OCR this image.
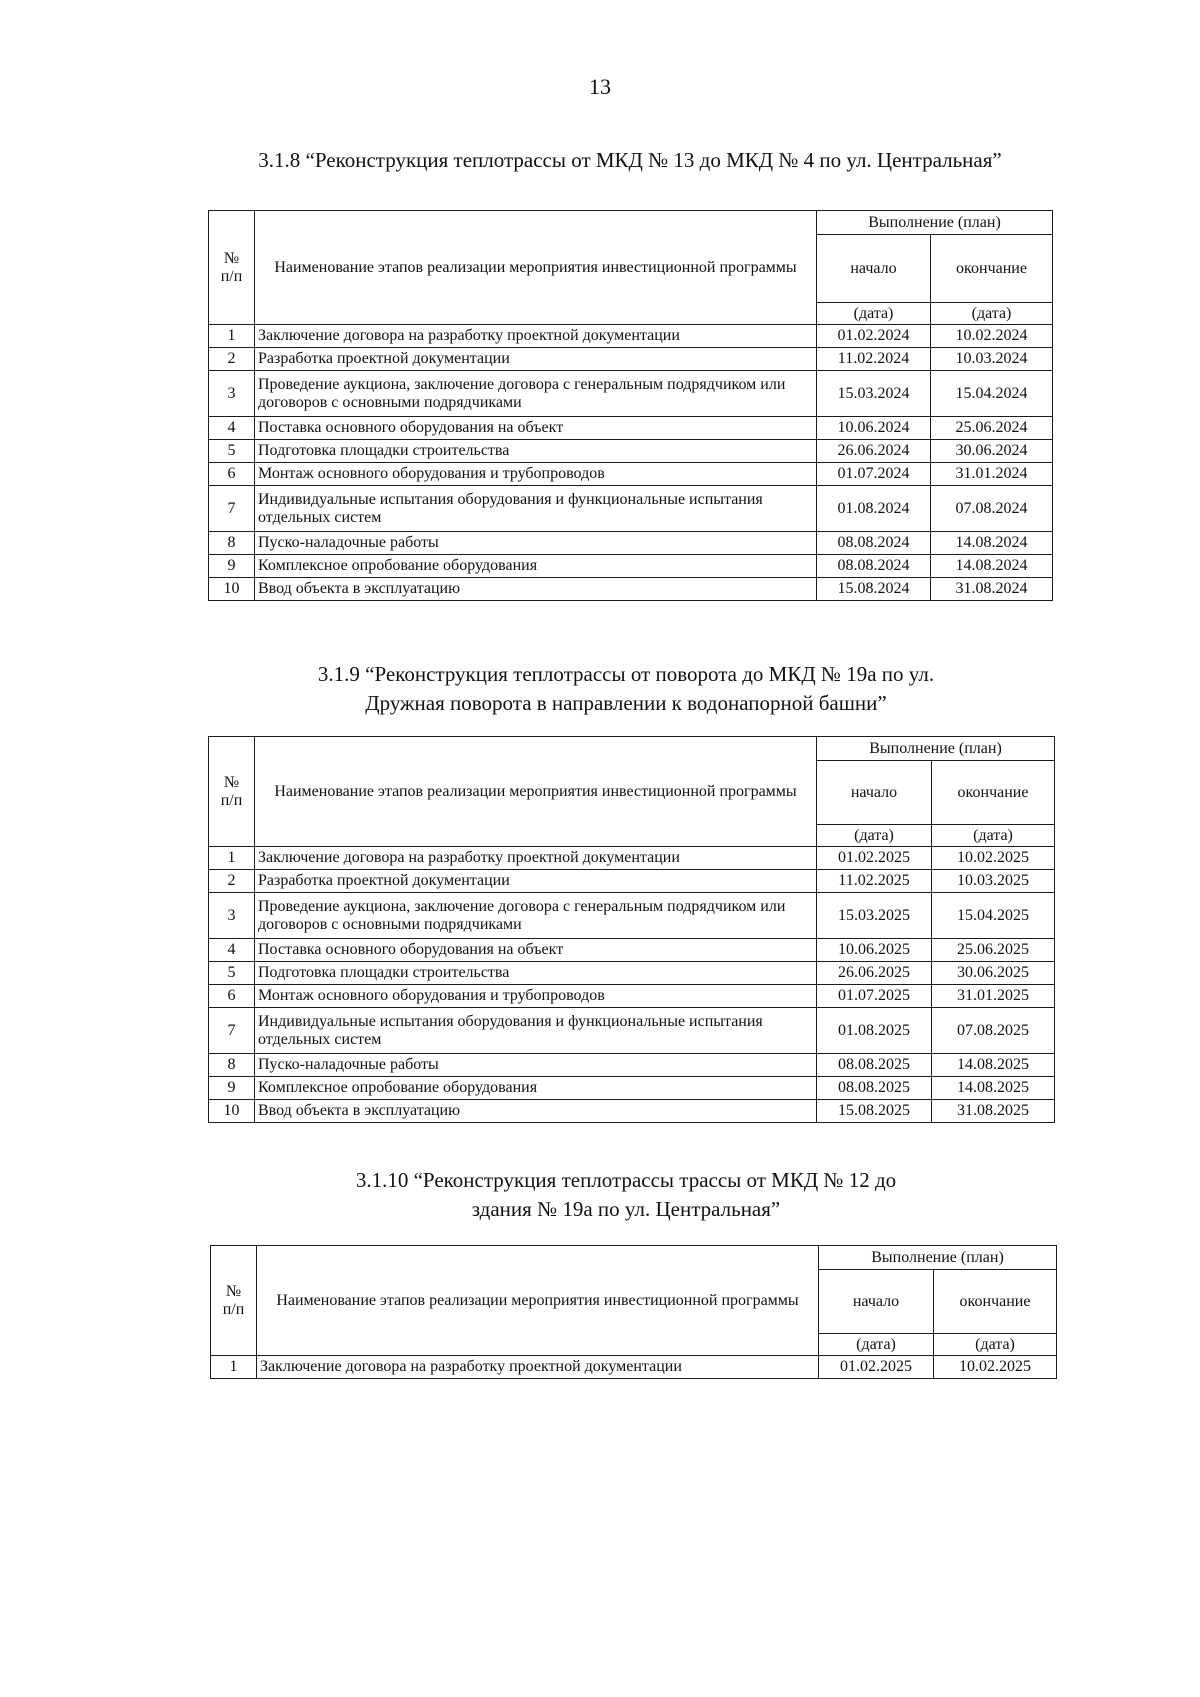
13
3.1.8 “Реконструкция теплотрассы от МКД № 13 до МКД № 4 по ул. Центральная”
№
п/п	Наименование этапов реализации мероприятия инвестиционной программы	Выполнение (план)	
		начало	окончание
		(дата)	(дата)
1	Заключение договора на разработку проектной документации	01.02.2024	10.02.2024
2	Разработка проектной документации	11.02.2024	10.03.2024
3	Проведение аукциона, заключение договора с генеральным подрядчиком или договоров с основными подрядчиками	15.03.2024	15.04.2024
4	Поставка основного оборудования на объект	10.06.2024	25.06.2024
5	Подготовка площадки строительства	26.06.2024	30.06.2024
6	Монтаж основного оборудования и трубопроводов	01.07.2024	31.01.2024
7	Индивидуальные испытания оборудования и функциональные испытания отдельных систем	01.08.2024	07.08.2024
8	Пуско-наладочные работы	08.08.2024	14.08.2024
9	Комплексное опробование оборудования	08.08.2024	14.08.2024
10	Ввод объекта в эксплуатацию	15.08.2024	31.08.2024
3.1.9 “Реконструкция теплотрассы от поворота до МКД № 19а по ул. Дружная поворота в направлении к водонапорной башни”
№
п/п	Наименование этапов реализации мероприятия инвестиционной программы	Выполнение (план)	
		начало	окончание
		(дата)	(дата)
1	Заключение договора на разработку проектной документации	01.02.2025	10.02.2025
2	Разработка проектной документации	11.02.2025	10.03.2025
3	Проведение аукциона, заключение договора с генеральным подрядчиком или договоров с основными подрядчиками	15.03.2025	15.04.2025
4	Поставка основного оборудования на объект	10.06.2025	25.06.2025
5	Подготовка площадки строительства	26.06.2025	30.06.2025
6	Монтаж основного оборудования и трубопроводов	01.07.2025	31.01.2025
7	Индивидуальные испытания оборудования и функциональные испытания отдельных систем	01.08.2025	07.08.2025
8	Пуско-наладочные работы	08.08.2025	14.08.2025
9	Комплексное опробование оборудования	08.08.2025	14.08.2025
10	Ввод объекта в эксплуатацию	15.08.2025	31.08.2025
3.1.10 “Реконструкция теплотрассы трассы от МКД № 12 до здания № 19а по ул. Центральная”
№
п/п	Наименование этапов реализации мероприятия инвестиционной программы	Выполнение (план)	
		начало	окончание
		(дата)	(дата)
1	Заключение договора на разработку проектной документации	01.02.2025	10.02.2025
